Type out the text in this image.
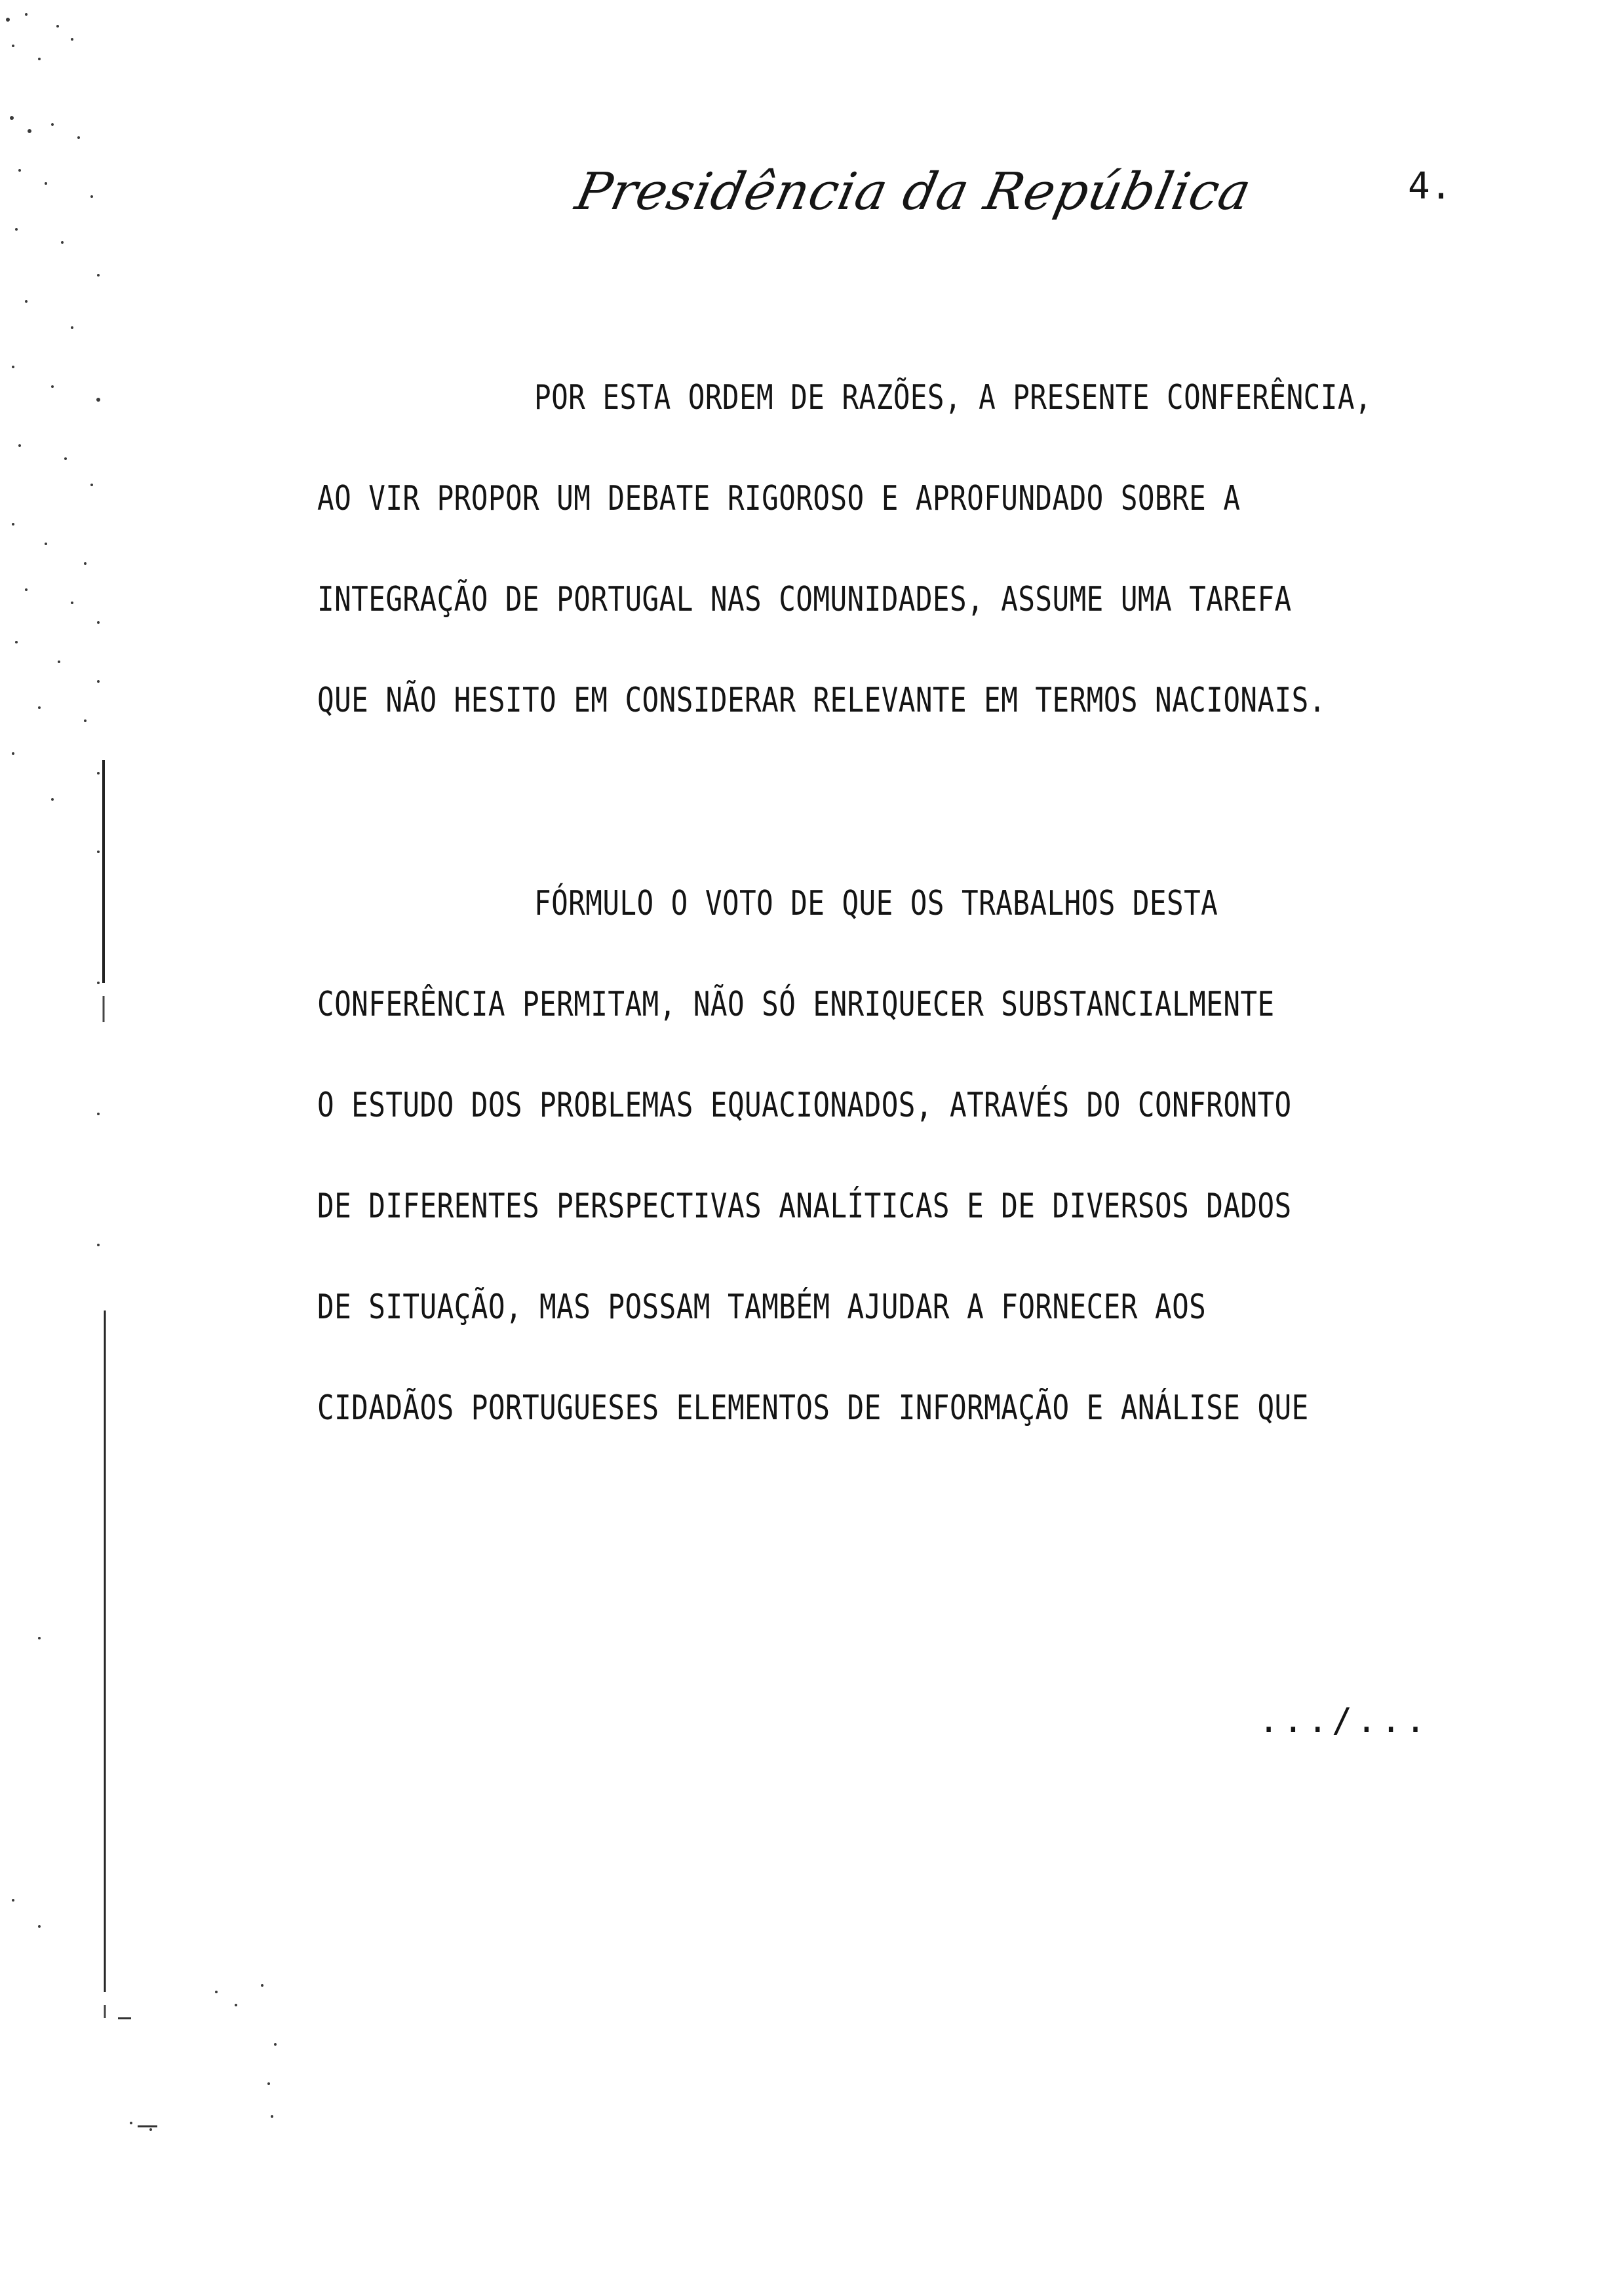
Presidência da República	4.
POR ESTA ORDEM DE RAZÕES, A PRESENTE CONFERÊNCIA,
AO VIR PROPOR UM DEBATE RIGOROSO E APROFUNDADO SOBRE A
INTEGRAÇÃO DE PORTUGAL NAS COMUNIDADES, ASSUME UMA TAREFA
QUE NÃO HESITO EM CONSIDERAR RELEVANTE EM TERMOS NACIONAIS.
FÓRMULO O VOTO DE QUE OS TRABALHOS DESTA
CONFERÊNCIA PERMITAM, NÃO SÓ ENRIQUECER SUBSTANCIALMENTE
O ESTUDO DOS PROBLEMAS EQUACIONADOS, ATRAVÉS DO CONFRONTO
DE DIFERENTES PERSPECTIVAS ANALÍTICAS E DE DIVERSOS DADOS
DE SITUAÇÃO, MAS POSSAM TAMBÉM AJUDAR A FORNECER AOS
CIDADÃOS PORTUGUESES ELEMENTOS DE INFORMAÇÃO E ANÁLISE QUE
.../...
